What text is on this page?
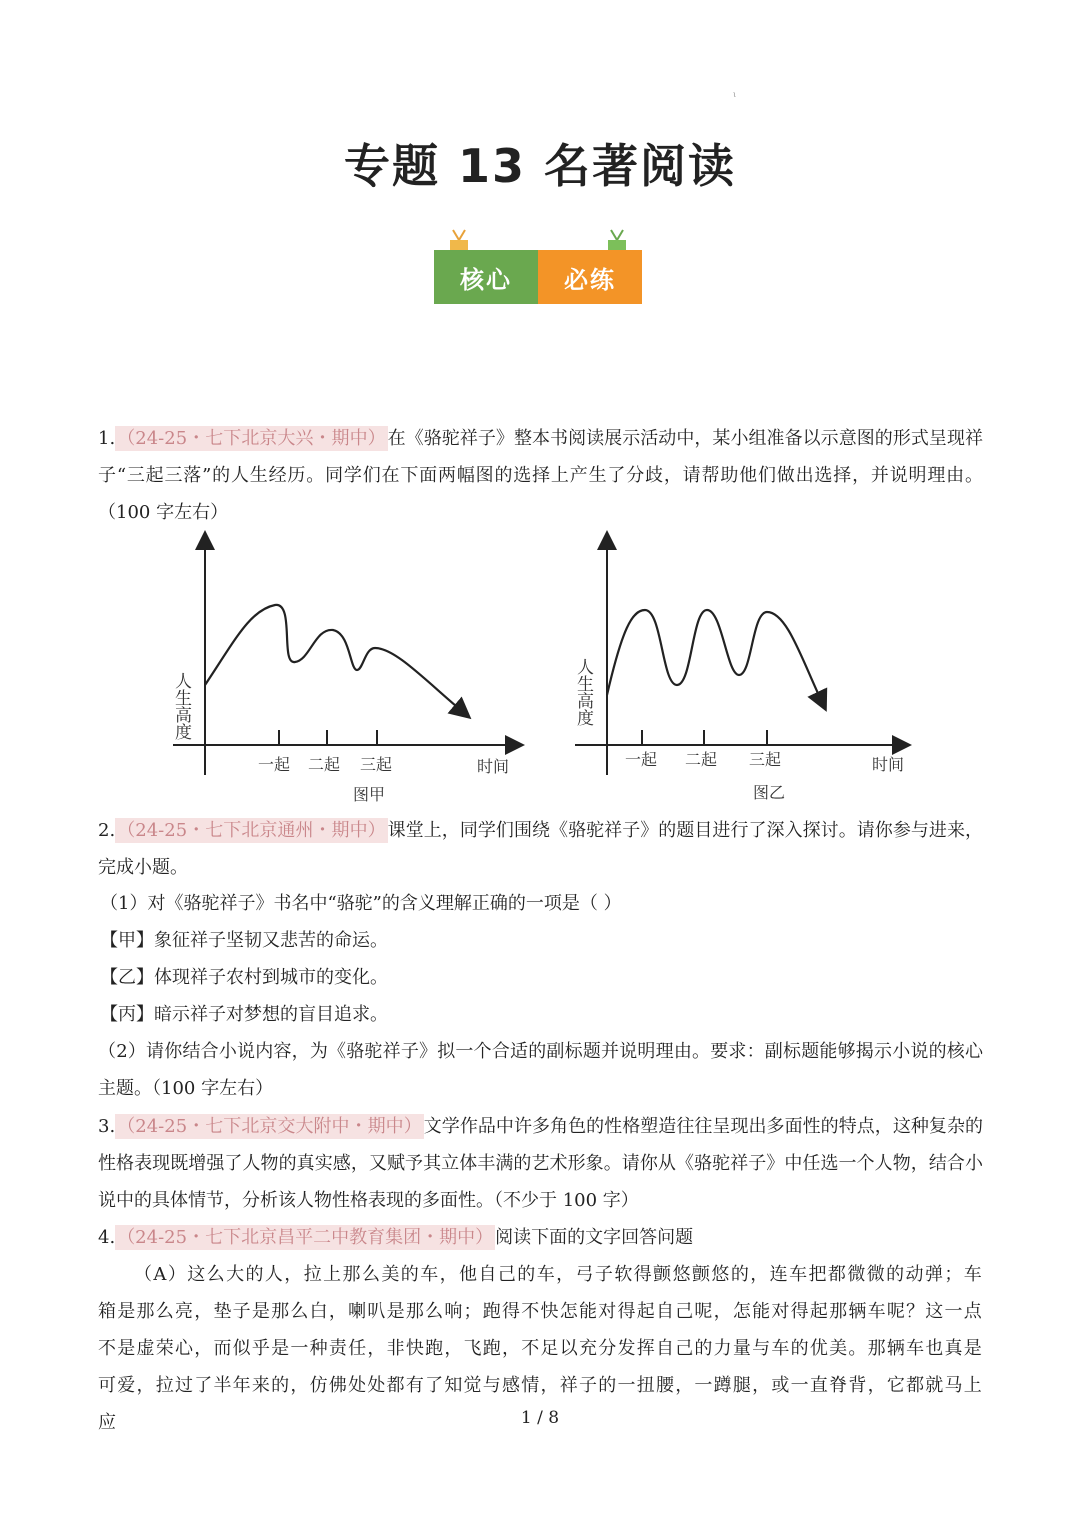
ι
专题 13 名著阅读
核心	必练
1. （24-25・七下北京大兴・期中） 在《骆驼祥子》整本书阅读展示活动中，某小组准备以示意图的形式呈现祥子“三起三落”的人生经历。同学们在下面两幅图的选择上产生了分歧，请帮助他们做出选择，并说明理由。（100 字左右）
一起 二起 三起	时间
图甲
人生高度
一起 二起 三起	时间
图乙
人生高度
2. （24-25・七下北京通州・期中） 课堂上，同学们围绕《骆驼祥子》的题目进行了深入探讨。请你参与进来，完成小题。
（1）对《骆驼祥子》书名中“骆驼”的含义理解正确的一项是（ ）
【甲】象征祥子坚韧又悲苦的命运。
【乙】体现祥子农村到城市的变化。
【丙】暗示祥子对梦想的盲目追求。
（2）请你结合小说内容，为《骆驼祥子》拟一个合适的副标题并说明理由。要求：副标题能够揭示小说的核心主题。（100 字左右）
3. （24-25・七下北京交大附中・期中） 文学作品中许多角色的性格塑造往往呈现出多面性的特点，这种复杂的性格表现既增强了人物的真实感，又赋予其立体丰满的艺术形象。请你从《骆驼祥子》中任选一个人物，结合小说中的具体情节，分析该人物性格表现的多面性。（不少于 100 字）
4. （24-25・七下北京昌平二中教育集团・期中） 阅读下面的文字回答问题
（A）这么大的人，拉上那么美的车，他自己的车，弓子软得颤悠颤悠的，连车把都微微的动弹；车箱是那么亮，垫子是那么白，喇叭是那么响；跑得不快怎能对得起自己呢，怎能对得起那辆车呢？这一点不是虚荣心，而似乎是一种责任，非快跑，飞跑，不足以充分发挥自己的力量与车的优美。那辆车也真是可爱，拉过了半年来的，仿佛处处都有了知觉与感情，祥子的一扭腰，一蹲腿，或一直脊背，它都就马上应	1 / 8
